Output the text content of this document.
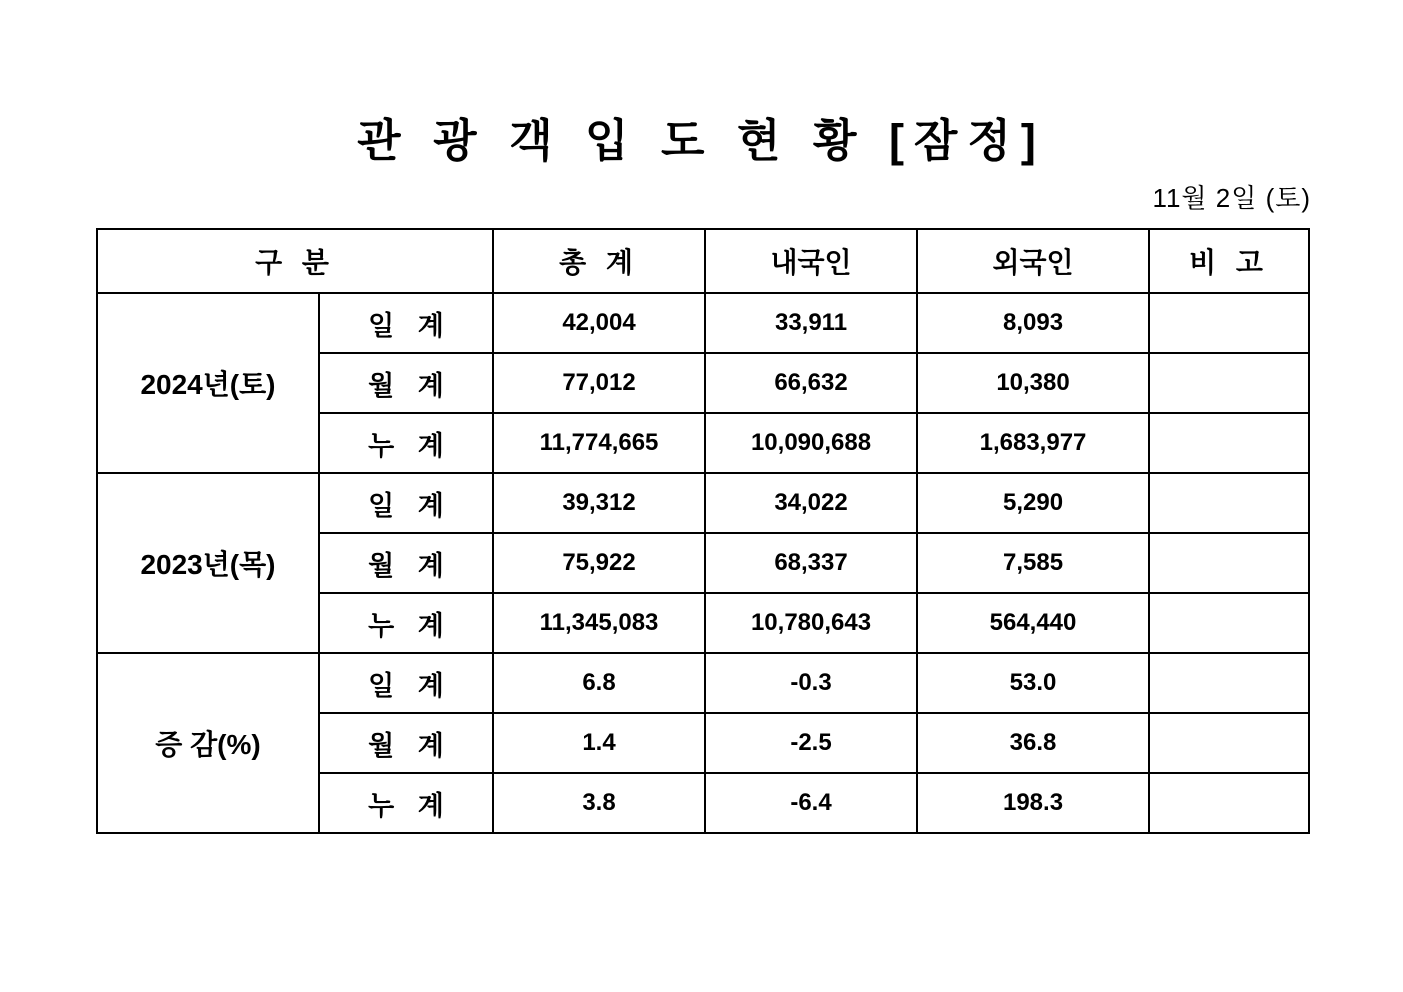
관 광 객 입 도 현 황 [잠정]
11월 2일 (토)
구 분		총 계	내국인	외국인	비 고
2024년(토)	일 계	42,004	33,911	8,093	
	월 계	77,012	66,632	10,380	
	누 계	11,774,665	10,090,688	1,683,977	
2023년(목)	일 계	39,312	34,022	5,290	
	월 계	75,922	68,337	7,585	
	누 계	11,345,083	10,780,643	564,440	
증 감(%)	일 계	6.8	-0.3	53.0	
	월 계	1.4	-2.5	36.8	
	누 계	3.8	-6.4	198.3	
